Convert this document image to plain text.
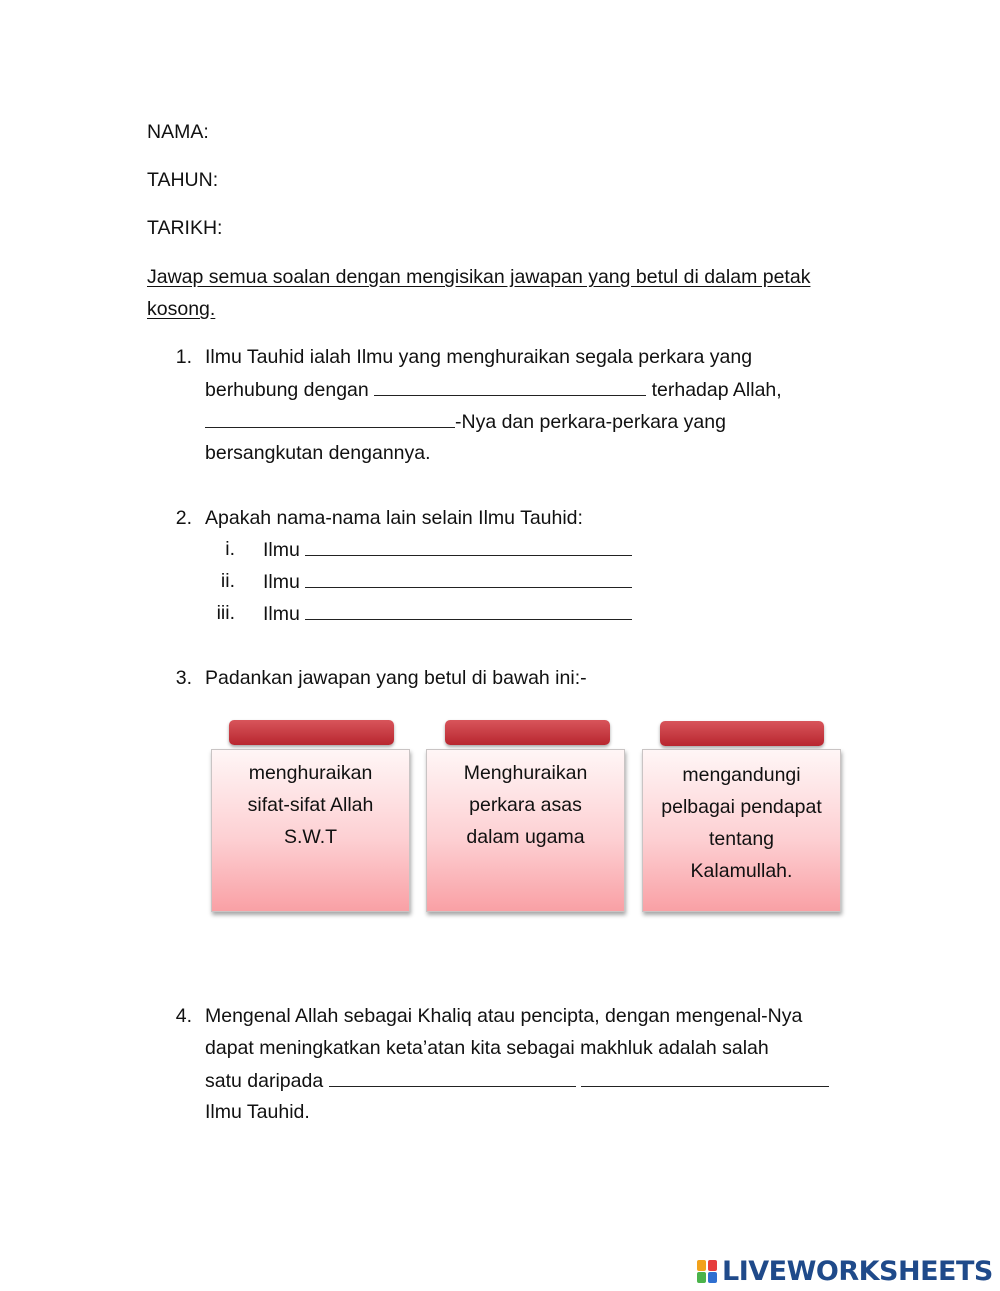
NAMA:
TAHUN:
TARIKH:
Jawap semua soalan dengan mengisikan jawapan yang betul di dalam petak
kosong.
1. Ilmu Tauhid ialah Ilmu yang menghuraikan segala perkara yang
berhubung dengan	terhadap Allah,
-Nya dan perkara-perkara yang
bersangkutan dengannya.
2. Apakah nama-nama lain selain Ilmu Tauhid:
i. Ilmu
ii. Ilmu
iii. Ilmu
3. Padankan jawapan yang betul di bawah ini:-
menghuraikan
sifat-sifat Allah
S.W.T
Menghuraikan
perkara asas
dalam ugama
mengandungi
pelbagai pendapat
tentang
Kalamullah.
4. Mengenal Allah sebagai Khaliq atau pencipta, dengan mengenal-Nya
dapat meningkatkan keta’atan kita sebagai makhluk adalah salah
satu daripada
Ilmu Tauhid.
LIVEWORKSHEETS
